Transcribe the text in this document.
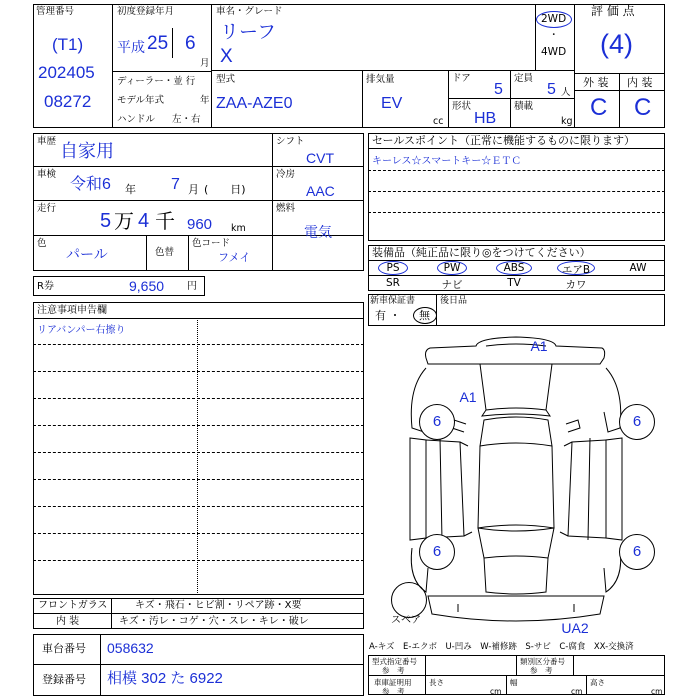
管理番号
(T1)
202405
08272
初度登録年月
平成 25 6
月
ディーラー・並 行
モデル年式	年
ハンドル 左・右
車名・グレード
リーフ
X
2WD
・
4WD
型式
ZAA-AZE0
排気量
EV
cc
ドア
5
定員
5 人
形状
HB
積載
kg
評 価 点
(4)
外 装 内 装
C C
車歴 自家用
車検
令和6 年 7 月 (　　日)
走行
5 万 4 千 960 km
色
パール	色替
色コード
フメイ
シフト
CVT
冷房
AAC
燃料
電気
R券	9,650 円
セールスポイント（正常に機能するものに限ります）
キーレス☆スマートキー☆ＥＴＣ
装備品（純正品に限り◎をつけてください）
PS	PW	ABS	エアB	AW
SR	ナビ	TV	カワ
新車保証書
有 ・ 無
後日品
注意事項申告欄
リアバンパー右擦り
フロントガラス	キズ・飛石・ヒビ割・リペア跡・X要
内 装	キズ・汚レ・コゲ・穴・スレ・キレ・破レ
車台番号 058632
登録番号 相模 302 た 6922
スペア
A1
A1
UA2
6	6
6	6
A-キズ　E-エクボ　U-凹み　W-補修跡　S-サビ　C-腐食　XX-交換済
型式指定番号
参　考
類別区分番号
参　考
車庫証明用
参　考
長さ
cm
幅
cm
高さ
cm
